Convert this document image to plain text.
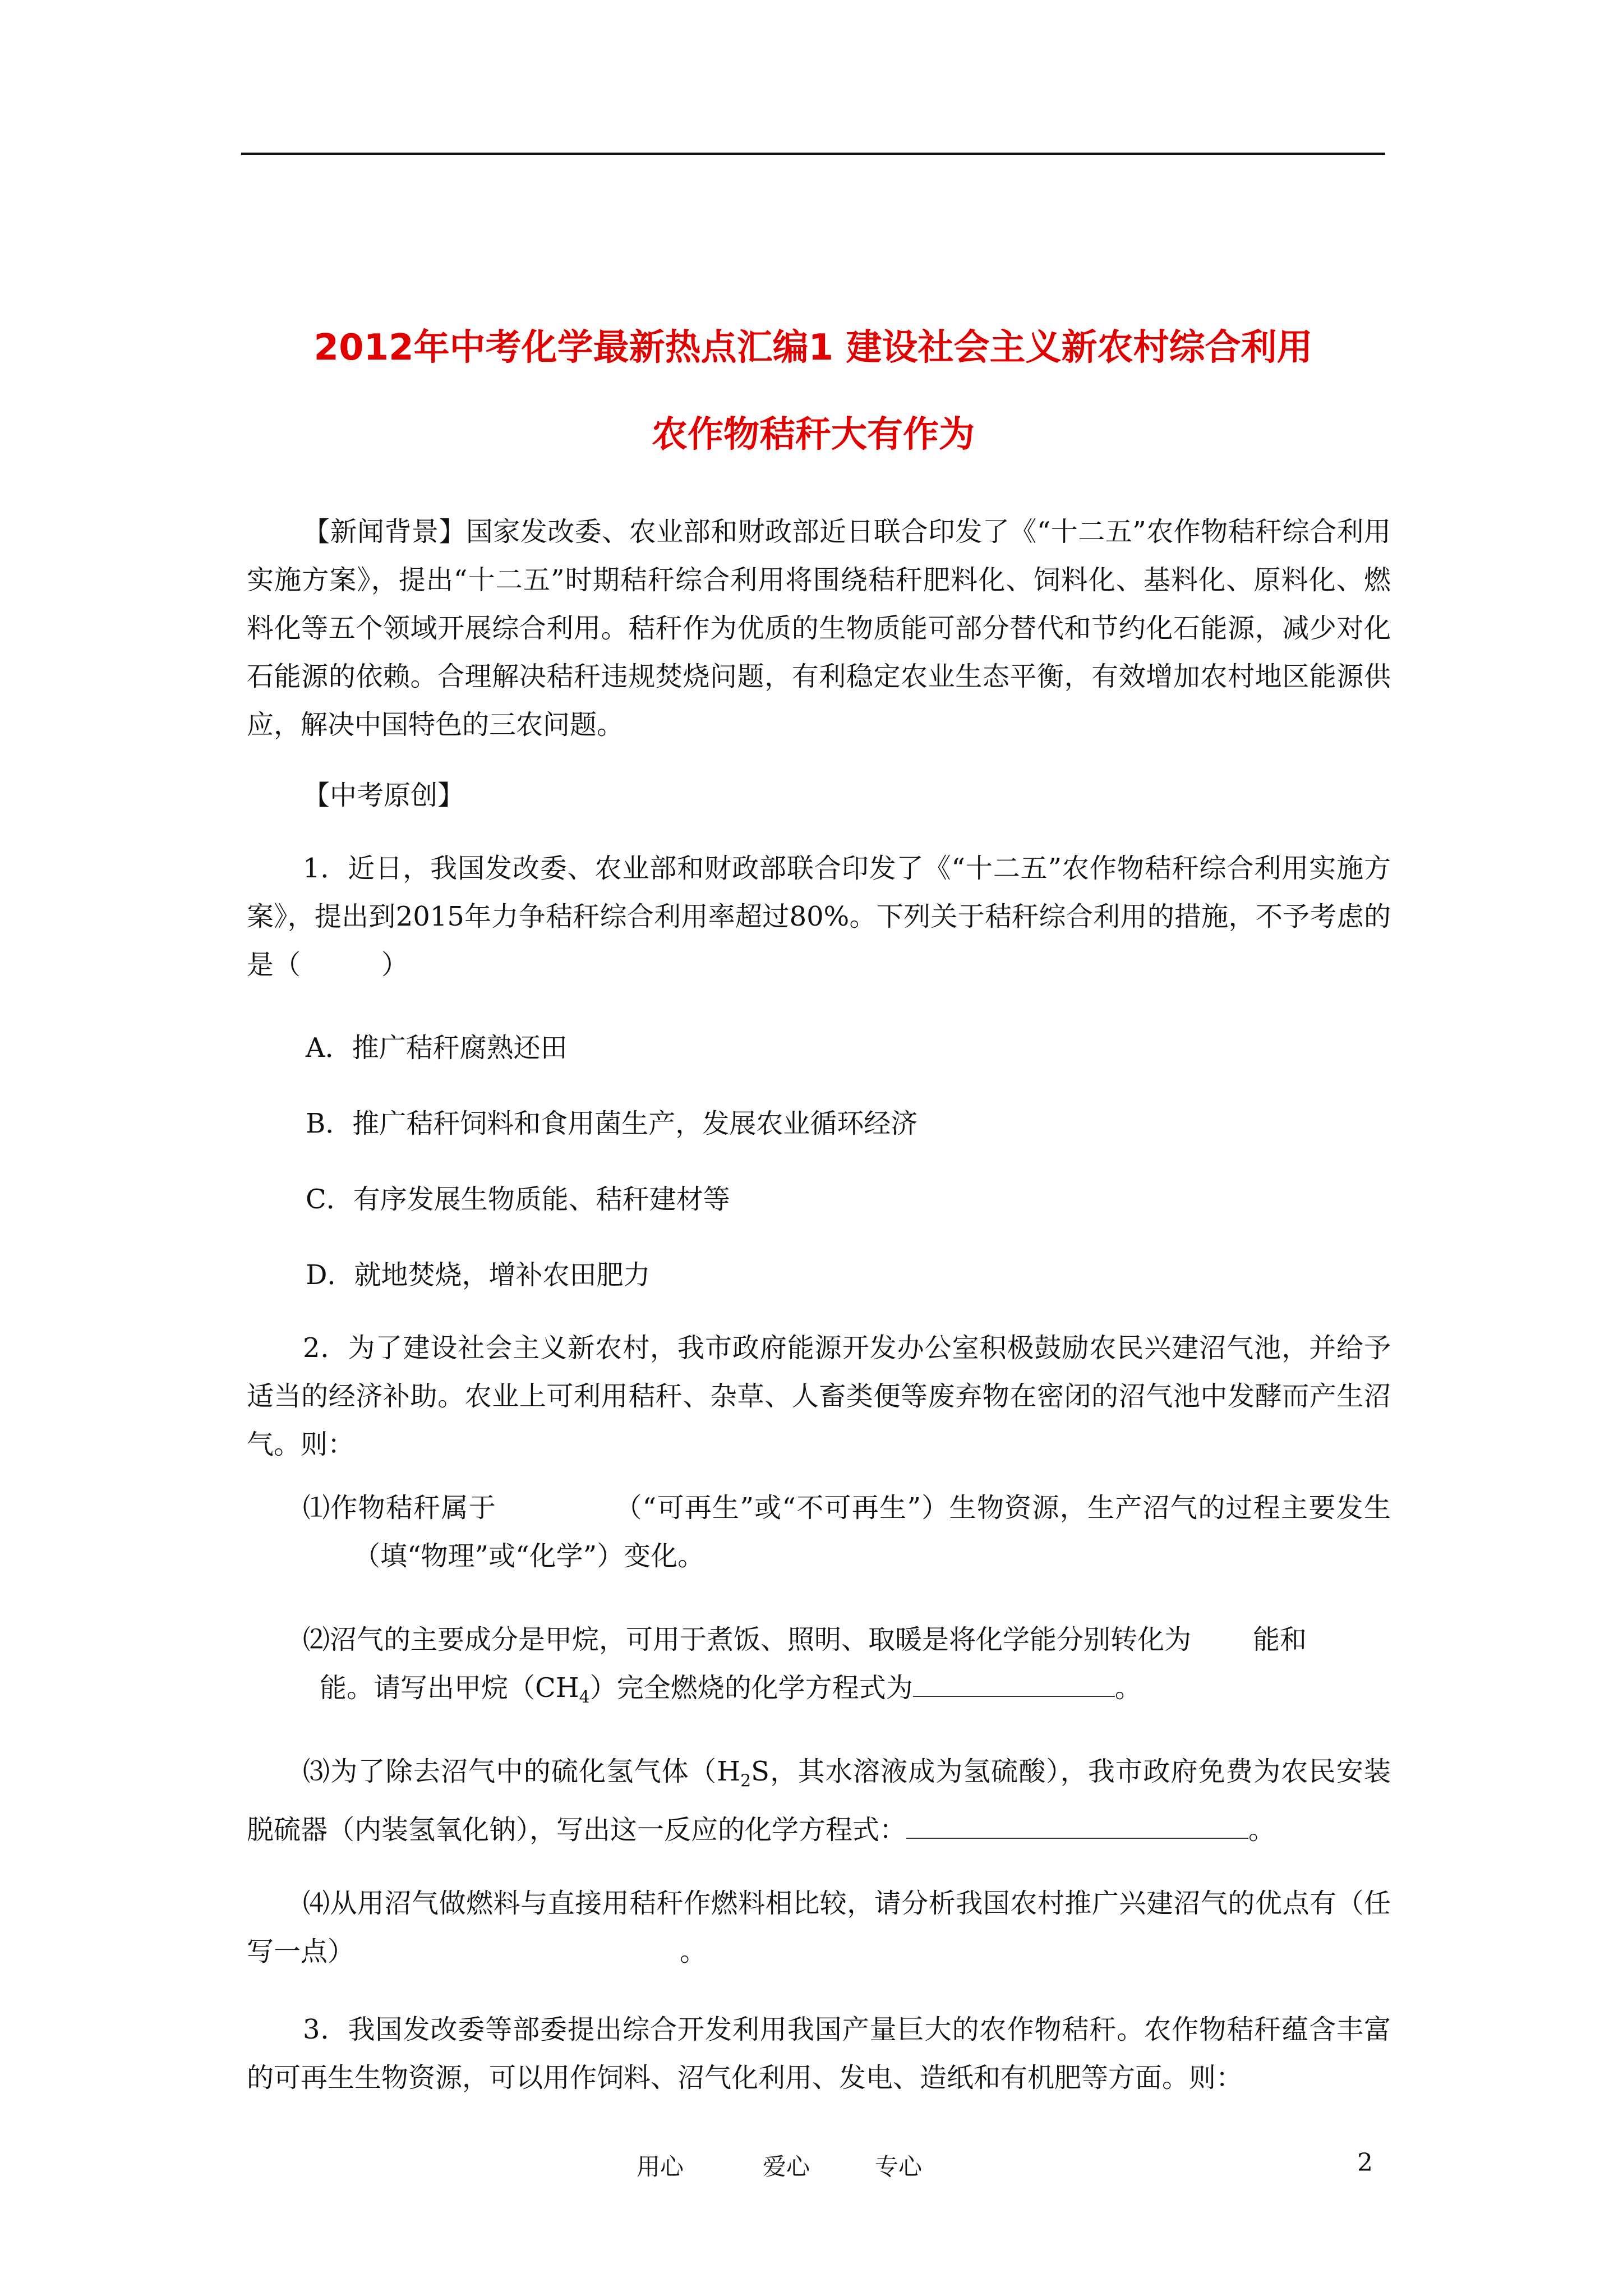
2012年中考化学最新热点汇编1 建设社会主义新农村综合利用
农作物秸秆大有作为

【新闻背景】国家发改委、农业部和财政部近日联合印发了《“十二五”农作物秸秆综合利用实施方案》，提出“十二五”时期秸秆综合利用将围绕秸秆肥料化、饲料化、基料化、原料化、燃料化等五个领域开展综合利用。秸秆作为优质的生物质能可部分替代和节约化石能源，减少对化石能源的依赖。合理解决秸秆违规焚烧问题，有利稳定农业生态平衡，有效增加农村地区能源供应，解决中国特色的三农问题。

【中考原创】

1．近日，我国发改委、农业部和财政部联合印发了《“十二五”农作物秸秆综合利用实施方案》，提出到2015年力争秸秆综合利用率超过80%。下列关于秸秆综合利用的措施，不予考虑的是（　　　）

A．推广秸秆腐熟还田
B．推广秸秆饲料和食用菌生产，发展农业循环经济
C．有序发展生物质能、秸秆建材等
D．就地焚烧，增补农田肥力

2．为了建设社会主义新农村，我市政府能源开发办公室积极鼓励农民兴建沼气池，并给予适当的经济补助。农业上可利用秸秆、杂草、人畜类便等废弃物在密闭的沼气池中发酵而产生沼气。则：

⑴作物秸秆属于	（“可再生”或“不可再生”）生物资源，生产沼气的过程主要发生（填“物理”或“化学”）变化。

⑵沼气的主要成分是甲烷，可用于煮饭、照明、取暖是将化学能分别转化为 能和
能。请写出甲烷$(CH_4)$完全燃烧的化学方程式为	。

⑶为了除去沼气中的硫化氢气体（$H_2S$，其水溶液成为氢硫酸），我市政府免费为农民安装脱硫器（内装氢氧化钠），写出这一反应的化学方程式：	。

⑷从用沼气做燃料与直接用秸秆作燃料相比较，请分析我国农村推广兴建沼气的优点有（任写一点）	。

3．我国发改委等部委提出综合开发利用我国产量巨大的农作物秸秆。农作物秸秆蕴含丰富的可再生生物资源，可以用作饲料、沼气化利用、发电、造纸和有机肥等方面。则：

用心	爱心	专心	2
